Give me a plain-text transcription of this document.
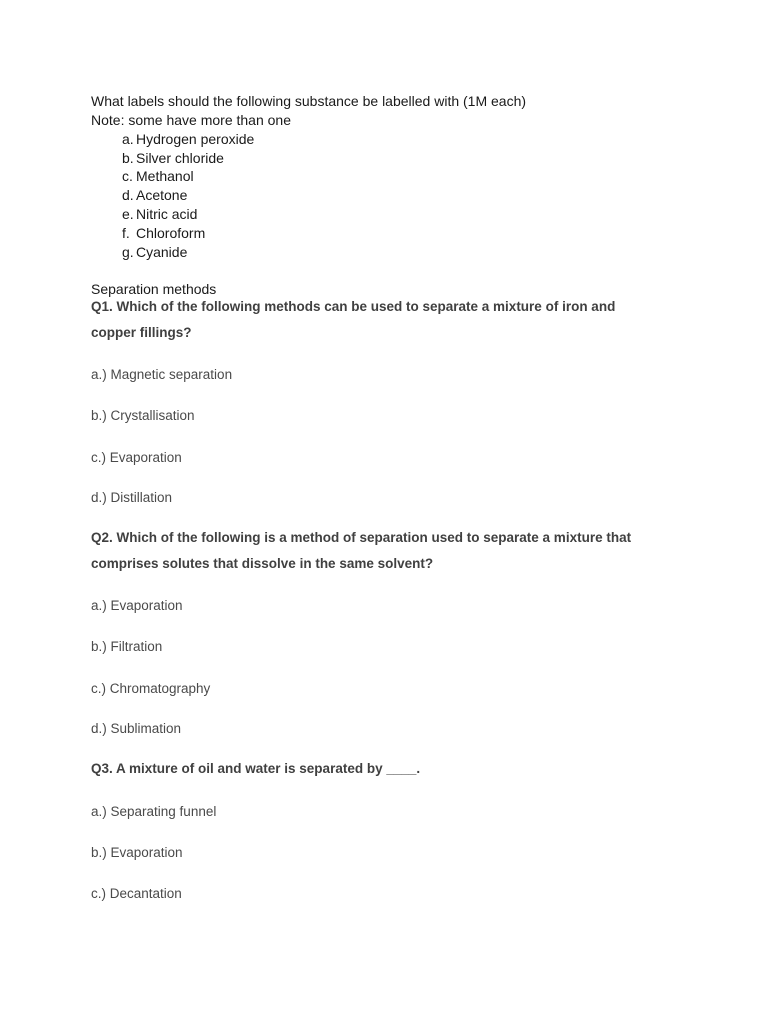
What labels should the following substance be labelled with (1M each)
Note: some have more than one
a. Hydrogen peroxide
b. Silver chloride
c. Methanol
d. Acetone
e. Nitric acid
f. Chloroform
g. Cyanide
Separation methods
Q1. Which of the following methods can be used to separate a mixture of iron and copper fillings?
a.) Magnetic separation
b.) Crystallisation
c.) Evaporation
d.) Distillation
Q2. Which of the following is a method of separation used to separate a mixture that comprises solutes that dissolve in the same solvent?
a.) Evaporation
b.) Filtration
c.) Chromatography
d.) Sublimation
Q3. A mixture of oil and water is separated by ____.
a.) Separating funnel
b.) Evaporation
c.) Decantation
